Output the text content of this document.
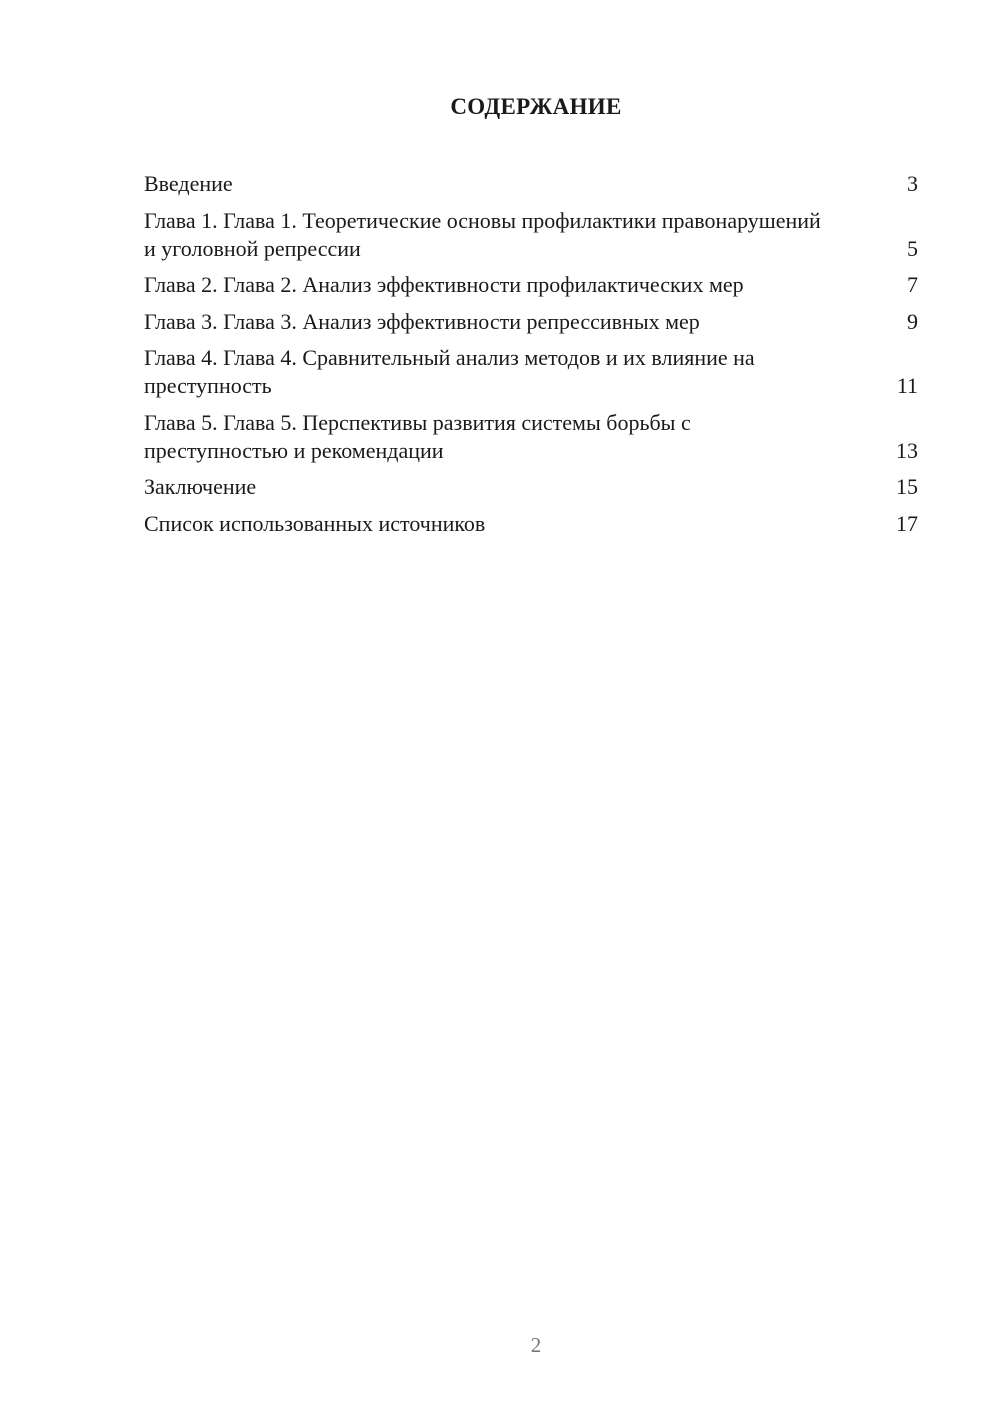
СОДЕРЖАНИЕ
Введение	3
Глава 1. Глава 1. Теоретические основы профилактики правонарушений и уголовной репрессии	5
Глава 2. Глава 2. Анализ эффективности профилактических мер	7
Глава 3. Глава 3. Анализ эффективности репрессивных мер	9
Глава 4. Глава 4. Сравнительный анализ методов и их влияние на преступность	11
Глава 5. Глава 5. Перспективы развития системы борьбы с преступностью и рекомендации	13
Заключение	15
Список использованных источников	17
2
